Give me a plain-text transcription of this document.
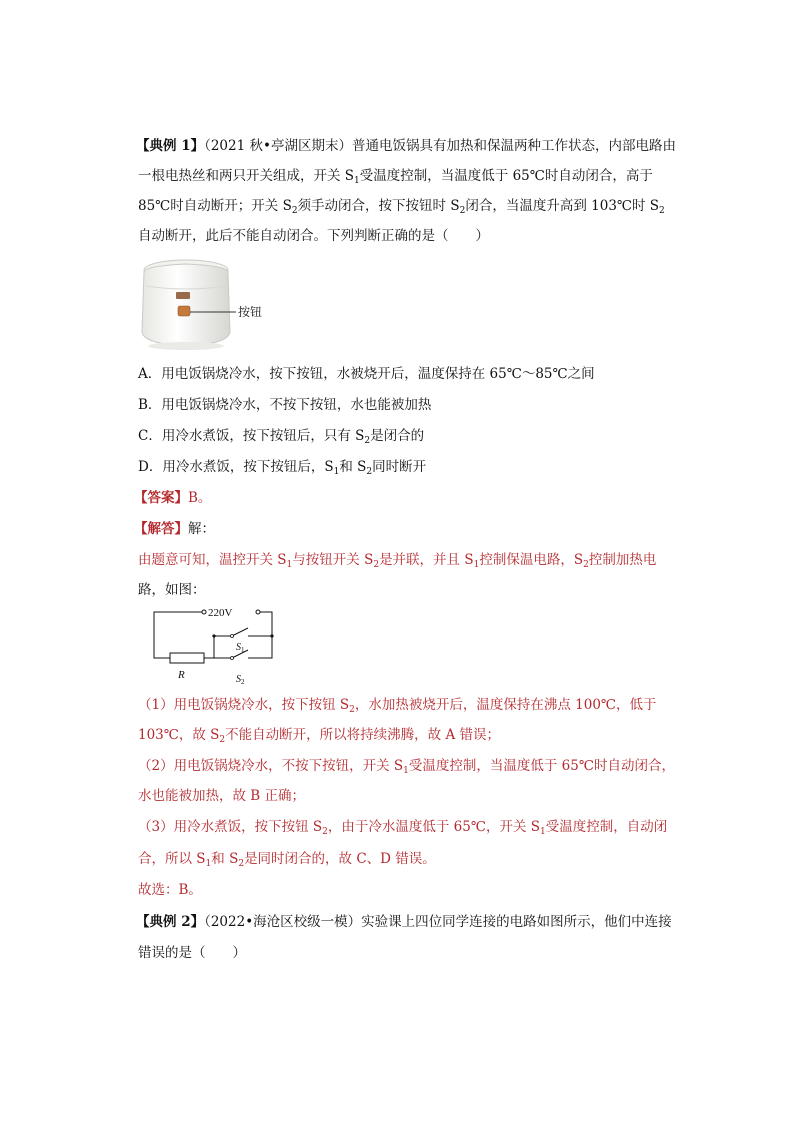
【典例 1】（2021 秋•亭湖区期末）普通电饭锅具有加热和保温两种工作状态，内部电路由
一根电热丝和两只开关组成，开关 $S_1$受温度控制，当温度低于 65℃时自动闭合，高于
85℃时自动断开；开关 $S_2$须手动闭合，按下按钮时 $S_2$闭合，当温度升高到 103℃时 $S_2$
自动断开，此后不能自动闭合。下列判断正确的是（　　）
按钮
A．用电饭锅烧冷水，按下按钮，水被烧开后，温度保持在 65℃～85℃之间
B．用电饭锅烧冷水，不按下按钮，水也能被加热
C．用冷水煮饭，按下按钮后，只有 $S_2$是闭合的
D．用冷水煮饭，按下按钮后，$S_1$和 $S_2$同时断开
【答案】B。
【解答】解：
由题意可知，温控开关 $S_1$与按钮开关 $S_2$是并联，并且 $S_1$控制保温电路，$S_2$控制加热电
路，如图：
220V
R
$S_1$
$S_2$
（1）用电饭锅烧冷水，按下按钮 $S_2$，水加热被烧开后，温度保持在沸点 100℃，低于
103℃，故 $S_2$不能自动断开，所以将持续沸腾，故 A 错误；
（2）用电饭锅烧冷水，不按下按钮，开关 $S_1$受温度控制，当温度低于 65℃时自动闭合，
水也能被加热，故 B 正确；
（3）用冷水煮饭，按下按钮 $S_2$，由于冷水温度低于 65℃，开关 $S_1$受温度控制，自动闭
合，所以 $S_1$和 $S_2$是同时闭合的，故 C、D 错误。
故选：B。
【典例 2】（2022•海沧区校级一模）实验课上四位同学连接的电路如图所示，他们中连接
错误的是（　　）
